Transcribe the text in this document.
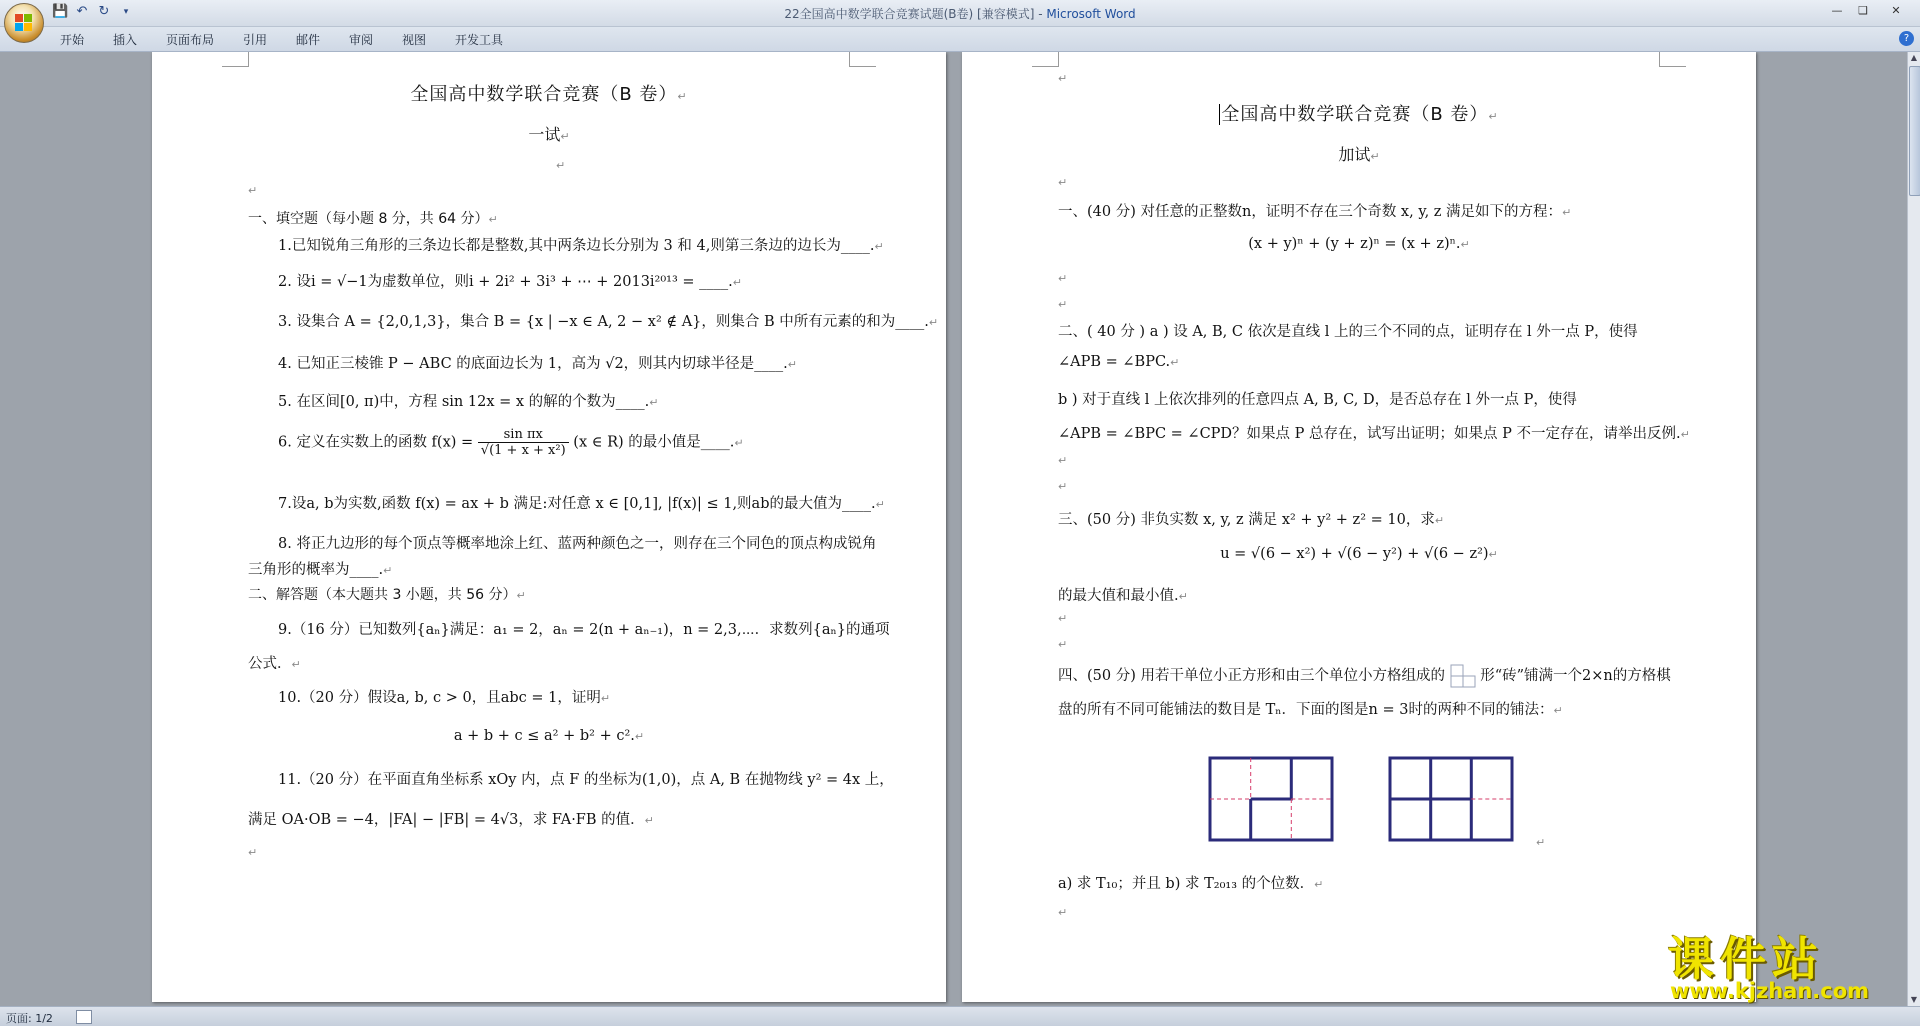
💾 ↶ ↻	▾	22全国高中数学联合竞赛试题(B卷) [兼容模式] - Microsoft Word	—	❑	✕
开始 插入 页面布局 引用 邮件 审阅 视图 开发工具	?
全国高中数学联合竞赛（B 卷）↵
一试↵
↵
↵
一、填空题（每小题 8 分，共 64 分）↵
1.已知锐角三角形的三条边长都是整数,其中两条边长分别为 3 和 4,则第三条边的边长为____.↵
2. 设i = √−1为虚数单位，则i + 2i² + 3i³ + ⋯ + 2013i²⁰¹³ = ____.↵
3. 设集合 A = {2,0,1,3}，集合 B = {x | −x ∈ A, 2 − x² ∉ A}，则集合 B 中所有元素的和为____.↵
4. 已知正三棱锥 P − ABC 的底面边长为 1，高为 √2，则其内切球半径是____.↵
5. 在区间[0, π)中，方程 sin 12x = x 的解的个数为____.↵
6. 定义在实数上的函数 $f(x) = \frac{\text{sin πx}}{\text{√(1 + x + x²)}} (x$ ∈ R) 的最小值是____.↵
7.设a, b为实数,函数 f(x) = ax + b 满足:对任意 x ∈ [0,1], |f(x)| ≤ 1,则ab的最大值为____.↵
8. 将正九边形的每个顶点等概率地涂上红、蓝两种颜色之一，则存在三个同色的顶点构成锐角
三角形的概率为____.↵
二、解答题（本大题共 3 小题，共 56 分）↵
9.（16 分）已知数列{aₙ}满足：a₁ = 2，aₙ = 2(n + aₙ₋₁)，n = 2,3,⋯．求数列{aₙ}的通项
公式．↵
10.（20 分）假设a, b, c > 0，且abc = 1，证明↵
a + b + c ≤ a² + b² + c².↵
11.（20 分）在平面直角坐标系 xOy 内，点 F 的坐标为(1,0)，点 A, B 在抛物线 y² = 4x 上，
满足 OA·OB = −4，|FA| − |FB| = 4√3，求 FA·FB 的值．↵
↵
↵
全国高中数学联合竞赛（B 卷）↵
加试↵
↵
一、(40 分) 对任意的正整数n，证明不存在三个奇数 x, y, z 满足如下的方程：↵
(x + y)ⁿ + (y + z)ⁿ = (x + z)ⁿ.↵
↵
↵
二、( 40 分 ) a ) 设 A, B, C 依次是直线 l 上的三个不同的点，证明存在 l 外一点 P，使得
∠APB = ∠BPC.↵
b ) 对于直线 l 上依次排列的任意四点 A, B, C, D，是否总存在 l 外一点 P，使得
∠APB = ∠BPC = ∠CPD？如果点 P 总存在，试写出证明；如果点 P 不一定存在，请举出反例.↵
↵
↵
三、(50 分) 非负实数 x, y, z 满足 x² + y² + z² = 10，求↵
u = √(6 − x²) + √(6 − y²) + √(6 − z²)↵
的最大值和最小值.↵
↵
↵
四、(50 分) 用若干单位小正方形和由三个单位小方格组成的 形“砖”铺满一个2×n的方格棋
盘的所有不同可能铺法的数目是 Tₙ．下面的图是n = 3时的两种不同的铺法：↵
↵
a) 求 T₁₀；并且 b) 求 T₂₀₁₃ 的个位数．↵
↵
▲
▼
页面: 1/2
课件站
www.kjzhan.com
